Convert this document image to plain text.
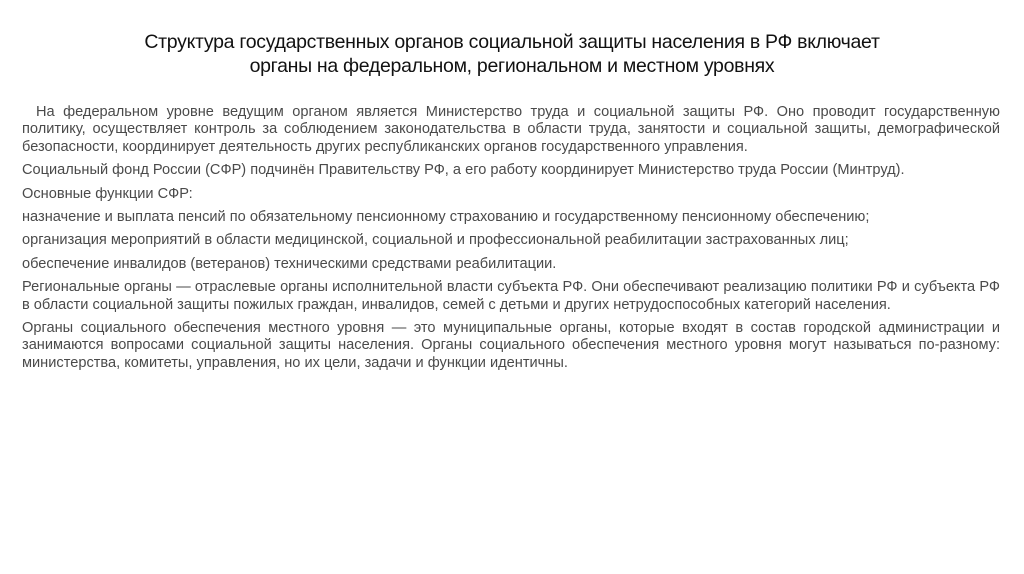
Структура государственных органов социальной защиты населения в РФ включает
органы на федеральном, региональном и местном уровнях

На федеральном уровне ведущим органом является Министерство труда и социальной защиты РФ. Оно проводит государственную политику, осуществляет контроль за соблюдением законодательства в области труда, занятости и социальной защиты, демографической безопасности, координирует деятельность других республиканских органов государственного управления.

Социальный фонд России (СФР) подчинён Правительству РФ, а его работу координирует Министерство труда России (Минтруд).

Основные функции СФР:

назначение и выплата пенсий по обязательному пенсионному страхованию и государственному пенсионному обеспечению;

организация мероприятий в области медицинской, социальной и профессиональной реабилитации застрахованных лиц;

обеспечение инвалидов (ветеранов) техническими средствами реабилитации.

Региональные органы — отраслевые органы исполнительной власти субъекта РФ. Они обеспечивают реализацию политики РФ и субъекта РФ в области социальной защиты пожилых граждан, инвалидов, семей с детьми и других нетрудоспособных категорий населения.

Органы социального обеспечения местного уровня — это муниципальные органы, которые входят в состав городской администрации и занимаются вопросами социальной защиты населения. Органы социального обеспечения местного уровня могут называться по-разному: министерства, комитеты, управления, но их цели, задачи и функции идентичны.
